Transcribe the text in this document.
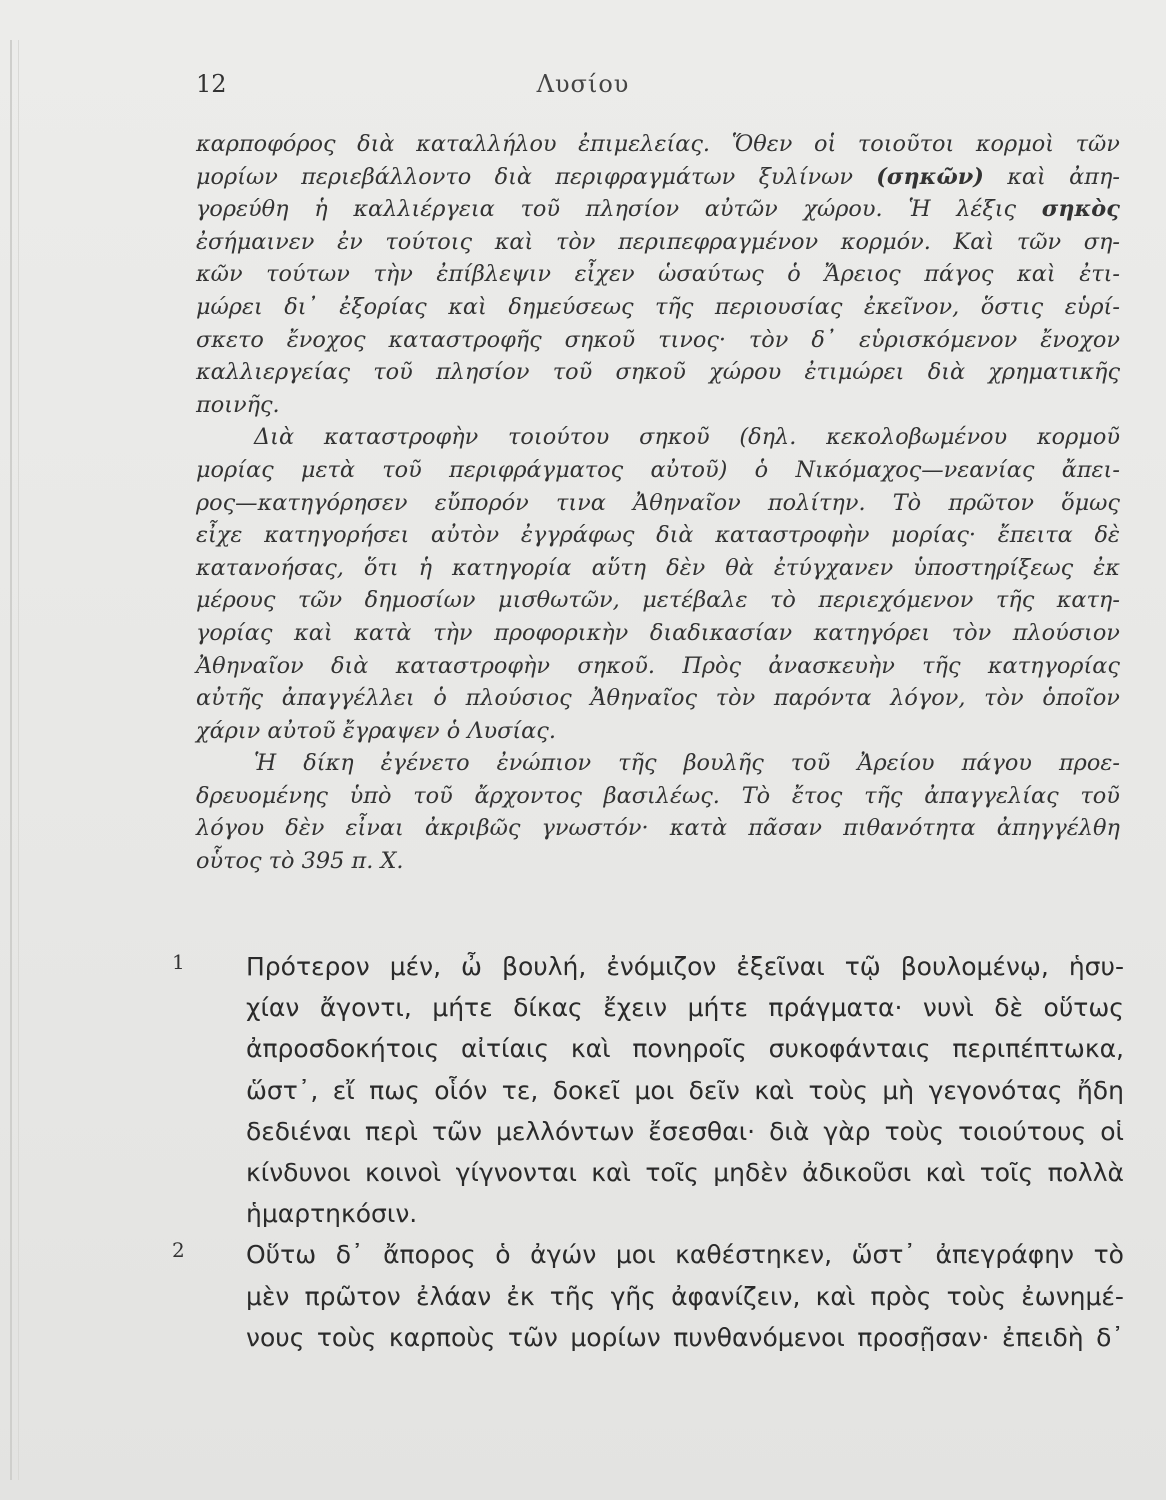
12	Λυσίου
καρποφόρος διὰ καταλλήλου ἐπιμελείας. Ὅθεν οἱ τοιοῦτοι κορμοὶ τῶν
μορίων περιεβάλλοντο διὰ περιφραγμάτων ξυλίνων (σηκῶν) καὶ ἀπη-
γορεύθη ἡ καλλιέργεια τοῦ πλησίον αὐτῶν χώρου. Ἡ λέξις σηκὸς
ἐσήμαινεν ἐν τούτοις καὶ τὸν περιπεφραγμένον κορμόν. Καὶ τῶν ση-
κῶν τούτων τὴν ἐπίβλεψιν εἶχεν ὡσαύτως ὁ Ἄρειος πάγος καὶ ἐτι-
μώρει δι᾽ ἐξορίας καὶ δημεύσεως τῆς περιουσίας ἐκεῖνον, ὅστις εὑρί-
σκετο ἔνοχος καταστροφῆς σηκοῦ τινος· τὸν δ᾽ εὑρισκόμενον ἔνοχον
καλλιεργείας τοῦ πλησίον τοῦ σηκοῦ χώρου ἐτιμώρει διὰ χρηματικῆς
ποινῆς.

Διὰ καταστροφὴν τοιούτου σηκοῦ (δηλ. κεκολοβωμένου κορμοῦ
μορίας μετὰ τοῦ περιφράγματος αὐτοῦ) ὁ Νικόμαχος—νεανίας ἄπει-
ρος—κατηγόρησεν εὔπορόν τινα Ἀθηναῖον πολίτην. Τὸ πρῶτον ὅμως
εἶχε κατηγορήσει αὐτὸν ἐγγράφως διὰ καταστροφὴν μορίας· ἔπειτα δὲ
κατανοήσας, ὅτι ἡ κατηγορία αὕτη δὲν θὰ ἐτύγχανεν ὑποστηρίξεως ἐκ
μέρους τῶν δημοσίων μισθωτῶν, μετέβαλε τὸ περιεχόμενον τῆς κατη-
γορίας καὶ κατὰ τὴν προφορικὴν διαδικασίαν κατηγόρει τὸν πλούσιον
Ἀθηναῖον διὰ καταστροφὴν σηκοῦ. Πρὸς ἀνασκευὴν τῆς κατηγορίας
αὐτῆς ἀπαγγέλλει ὁ πλούσιος Ἀθηναῖος τὸν παρόντα λόγον, τὸν ὁποῖον
χάριν
αὐτοῦ
ἔγραψεν
ὁ
Λυσίας.

Ἡ δίκη ἐγένετο ἐνώπιον τῆς βουλῆς τοῦ Ἀρείου πάγου προε-
δρευομένης ὑπὸ τοῦ ἄρχοντος βασιλέως. Τὸ ἔτος τῆς ἀπαγγελίας τοῦ
λόγου δὲν εἶναι ἀκριβῶς γνωστόν· κατὰ πᾶσαν πιθανότητα ἀπηγγέλθη
οὗτος
τὸ
395
π.
Χ.

1
2
Πρότερον μέν, ὦ βουλή, ἐνόμιζον ἐξεῖναι τῷ βουλομένῳ, ἡσυ-
χίαν ἄγοντι, μήτε δίκας ἔχειν μήτε πράγματα· νυνὶ δὲ οὕτως
ἀπροσδοκήτοις αἰτίαις καὶ πονηροῖς συκοφάνταις περιπέπτωκα,
ὥστ᾽, εἴ πως οἷόν τε, δοκεῖ μοι δεῖν καὶ τοὺς μὴ γεγονότας ἤδη
δεδιέναι περὶ τῶν μελλόντων ἔσεσθαι· διὰ γὰρ τοὺς τοιούτους οἱ
κίνδυνοι κοινοὶ γίγνονται καὶ τοῖς μηδὲν ἀδικοῦσι καὶ τοῖς πολλὰ
ἡμαρτηκόσιν.

Οὕτω δ᾽ ἄπορος ὁ ἀγών μοι καθέστηκεν, ὥστ᾽ ἀπεγράφην τὸ
μὲν πρῶτον ἐλάαν ἐκ τῆς γῆς ἀφανίζειν, καὶ πρὸς τοὺς ἐωνημέ-
νους τοὺς καρποὺς τῶν μορίων πυνθανόμενοι προσῇσαν· ἐπειδὴ δ᾽
